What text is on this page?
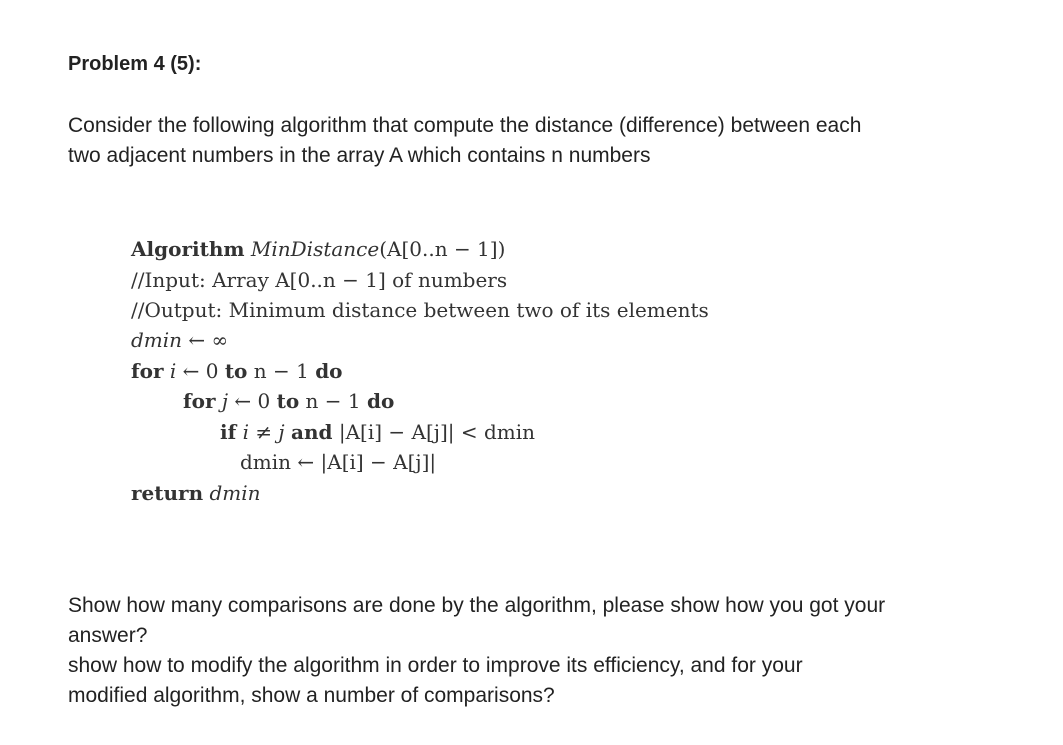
Problem 4 (5):
Consider the following algorithm that compute the distance (difference) between each
two adjacent numbers in the array A which contains n numbers
Algorithm MinDistance(A[0..n − 1])
//Input: Array A[0..n − 1] of numbers
//Output: Minimum distance between two of its elements
dmin ← ∞
for i ← 0 to n − 1 do
for j ← 0 to n − 1 do
if i ≠ j and |A[i] − A[j]| < dmin
dmin ← |A[i] − A[j]|
return dmin
Show how many comparisons are done by the algorithm, please show how you got your
answer?
show how to modify the algorithm in order to improve its efficiency, and for your
modified algorithm, show a number of comparisons?
